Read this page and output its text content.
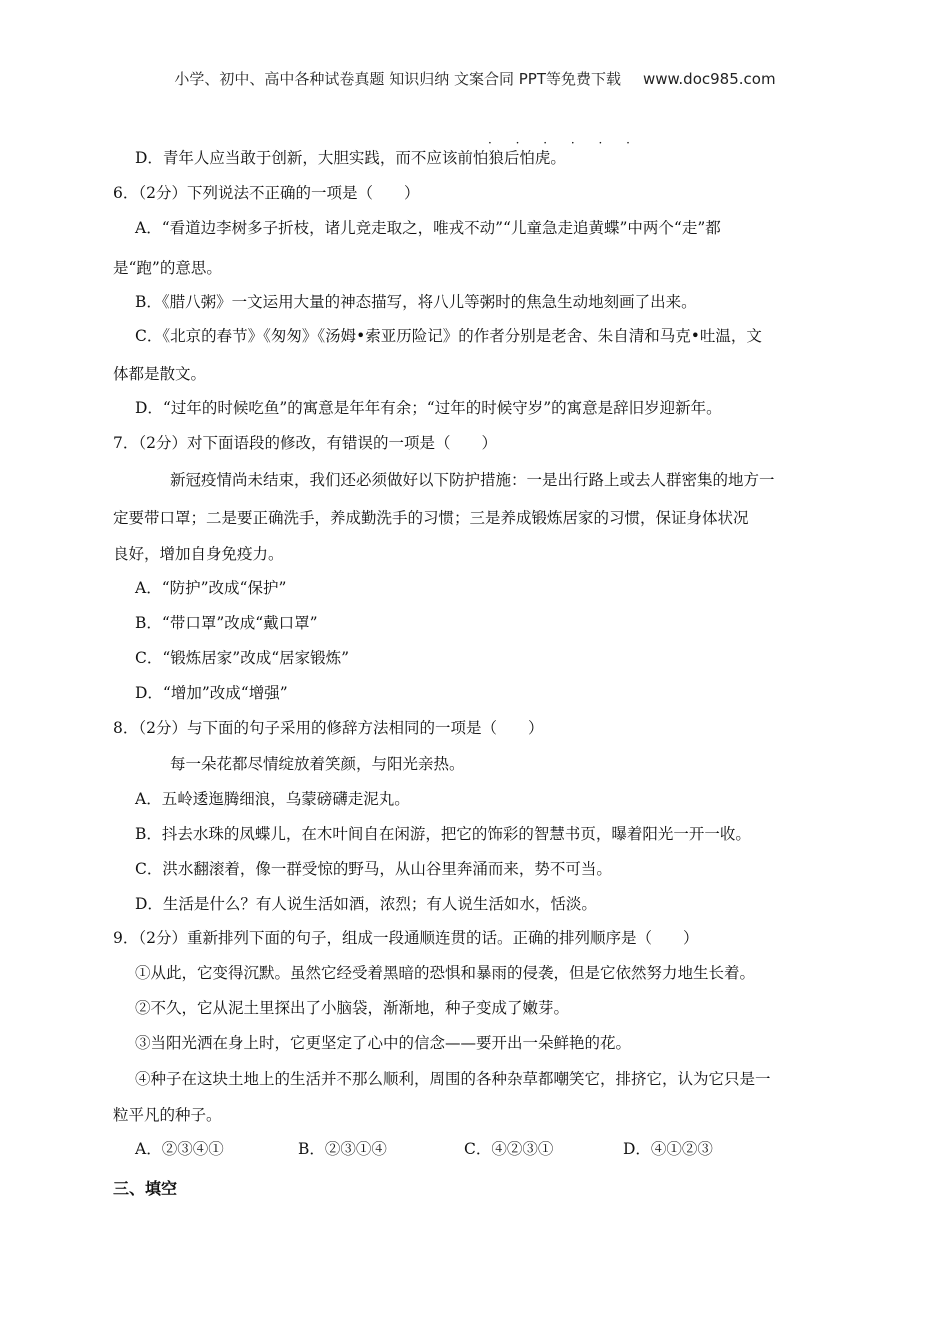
小学、初中、高中各种试卷真题 知识归纳 文案合同 PPT等免费下载 www.doc985.com
· · · · · ·
D．青年人应当敢于创新，大胆实践，而不应该前怕狼后怕虎。
6．（2分）下列说法不正确的一项是（　　）
A．“看道边李树多子折枝，诸儿竞走取之，唯戎不动”“儿童急走追黄蝶”中两个“走”都
是“跑”的意思。
B．《腊八粥》一文运用大量的神态描写，将八儿等粥时的焦急生动地刻画了出来。
C．《北京的春节》《匆匆》《汤姆•索亚历险记》的作者分别是老舍、朱自清和马克•吐温，文
体都是散文。
D．“过年的时候吃鱼”的寓意是年年有余；“过年的时候守岁”的寓意是辞旧岁迎新年。
7．（2分）对下面语段的修改，有错误的一项是（　　）
新冠疫情尚未结束，我们还必须做好以下防护措施：一是出行路上或去人群密集的地方一
定要带口罩；二是要正确洗手，养成勤洗手的习惯；三是养成锻炼居家的习惯，保证身体状况
良好，增加自身免疫力。
A．“防护”改成“保护”
B．“带口罩”改成“戴口罩”
C．“锻炼居家”改成“居家锻炼”
D．“增加”改成“增强”
8．（2分）与下面的句子采用的修辞方法相同的一项是（　　）
每一朵花都尽情绽放着笑颜，与阳光亲热。
A．五岭逶迤腾细浪，乌蒙磅礴走泥丸。
B．抖去水珠的凤蝶儿，在木叶间自在闲游，把它的饰彩的智慧书页，曝着阳光一开一收。
C．洪水翻滚着，像一群受惊的野马，从山谷里奔涌而来，势不可当。
D．生活是什么？有人说生活如酒，浓烈；有人说生活如水，恬淡。
9．（2分）重新排列下面的句子，组成一段通顺连贯的话。正确的排列顺序是（　　）
①从此，它变得沉默。虽然它经受着黑暗的恐惧和暴雨的侵袭，但是它依然努力地生长着。
②不久，它从泥土里探出了小脑袋，渐渐地，种子变成了嫩芽。
③当阳光洒在身上时，它更坚定了心中的信念——要开出一朵鲜艳的花。
④种子在这块土地上的生活并不那么顺利，周围的各种杂草都嘲笑它，排挤它，认为它只是一
粒平凡的种子。
A．②③④①	B．②③①④	C．④②③①	D．④①②③
三、填空
